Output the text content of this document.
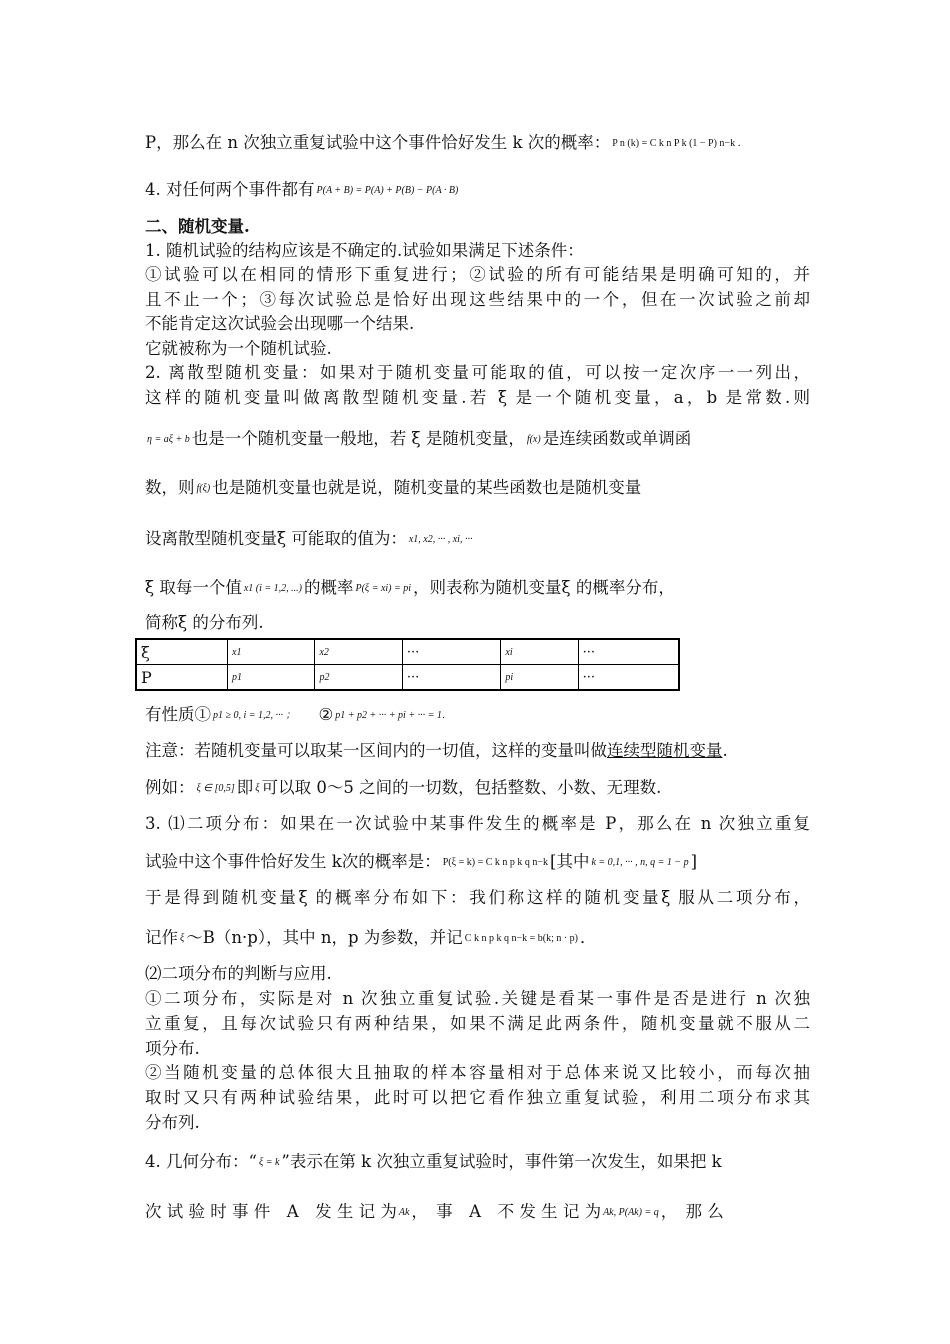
P，那么在 n 次独立重复试验中这个事件恰好发生 k 次的概率： P n (k) = C k n P k (1 − P) n−k ．
4. 对任何两个事件都有 P(A + B) = P(A) + P(B) − P(A · B)
二、随机变量.
1. 随机试验的结构应该是不确定的.试验如果满足下述条件：
①试验可以在相同的情形下重复进行；②试验的所有可能结果是明确可知的，并
且不止一个；③每次试验总是恰好出现这些结果中的一个，但在一次试验之前却
不能肯定这次试验会出现哪一个结果.
它就被称为一个随机试验.
2. 离散型随机变量：如果对于随机变量可能取的值，可以按一定次序一一列出，
这样的随机变量叫做离散型随机变量.若 ξ 是一个随机变量，a，b 是常数.则
η = aξ + b 也是一个随机变量一般地，若 ξ 是随机变量， f(x) 是连续函数或单调函
数，则 f(ξ) 也是随机变量也就是说，随机变量的某些函数也是随机变量
设离散型随机变量ξ 可能取的值为： x1, x2, ··· , xi, ···
ξ 取每一个值 x1 (i = 1,2, ...) 的概率 P(ξ = xi) = pi ，则表称为随机变量ξ 的概率分布，
简称ξ 的分布列.
ξ	x1	x2	···	xi	···
P	p1	p2	···	pi	···
有性质① p1 ≥ 0, i = 1,2, ··· ； ② p1 + p2 + ··· + pi + ··· = 1．
注意：若随机变量可以取某一区间内的一切值，这样的变量叫做连续型随机变量.
例如： ξ ∈ [0,5] 即 ξ 可以取 0～5 之间的一切数，包括整数、小数、无理数.
3. ⑴二项分布：如果在一次试验中某事件发生的概率是 P，那么在 n 次独立重复
试验中这个事件恰好发生 k次的概率是： P(ξ = k) = C k n p k q n−k [其中 k = 0,1, ··· , n, q = 1 − p ]
于是得到随机变量ξ 的概率分布如下：我们称这样的随机变量ξ 服从二项分布，
记作 ξ ～B（n·p），其中 n，p 为参数，并记 C k n p k q n−k = b(k; n · p) ．
⑵二项分布的判断与应用.
①二项分布，实际是对 n 次独立重复试验.关键是看某一事件是否是进行 n 次独
立重复，且每次试验只有两种结果，如果不满足此两条件，随机变量就不服从二
项分布.
②当随机变量的总体很大且抽取的样本容量相对于总体来说又比较小，而每次抽
取时又只有两种试验结果，此时可以把它看作独立重复试验，利用二项分布求其
分布列.
4. 几何分布：“ ξ = k ”表示在第 k 次独立重复试验时，事件第一次发生，如果把 k
次 试 验 时 事 件　A　发 生 记 为 Ak ，　事　A　不 发 生 记 为 Ak, P(Ak) = q ，　那 么
